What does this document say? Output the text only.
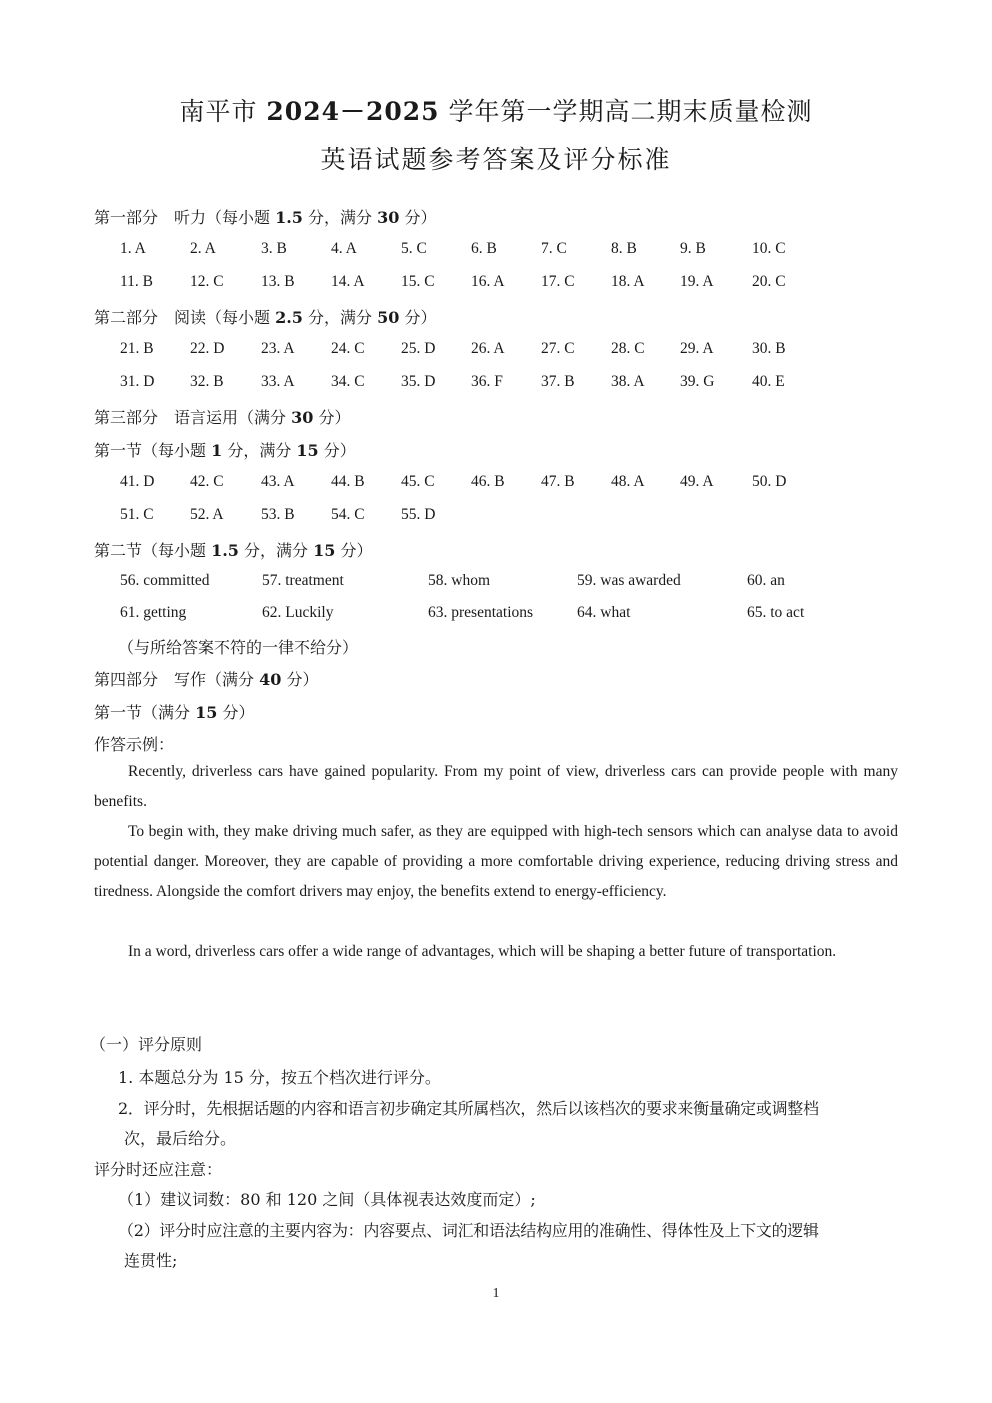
南平市 2024－2025 学年第一学期高二期末质量检测
英语试题参考答案及评分标准
第一部分　听力（每小题 1.5 分，满分 30 分）
1. A	2. A	3. B	4. A	5. C	6. B	7. C	8. B	9. B	10. C
11. B 12. C 13. B 14. A 15. C 16. A 17. C 18. A 19. A 20. C
第二部分　阅读（每小题 2.5 分，满分 50 分）
21. B 22. D 23. A 24. C 25. D 26. A 27. C 28. C 29. A 30. B
31. D 32. B 33. A 34. C 35. D 36. F 37. B 38. A 39. G 40. E
第三部分　语言运用（满分 30 分）
第一节（每小题 1 分，满分 15 分）
41. D 42. C 43. A 44. B 45. C 46. B 47. B 48. A 49. A 50. D
51. C 52. A 53. B 54. C 55. D
第二节（每小题 1.5 分，满分 15 分）
56. committed	57. treatment	58. whom	59. was awarded	60. an
61. getting	62. Luckily	63. presentations	64. what	65. to act
（与所给答案不符的一律不给分）
第四部分　写作（满分 40 分）
第一节（满分 15 分）
作答示例：
Recently, driverless cars have gained popularity. From my point of view, driverless cars can provide people with many benefits.
To begin with, they make driving much safer, as they are equipped with high-tech sensors which can analyse data to avoid potential danger. Moreover, they are capable of providing a more comfortable driving experience, reducing driving stress and tiredness. Alongside the comfort drivers may enjoy, the benefits extend to energy-efficiency.
In a word, driverless cars offer a wide range of advantages, which will be shaping a better future of transportation.
（一）评分原则
1. 本题总分为 15 分，按五个档次进行评分。
2．评分时，先根据话题的内容和语言初步确定其所属档次，然后以该档次的要求来衡量确定或调整档
次，最后给分。
评分时还应注意：
（1）建议词数：80 和 120 之间（具体视表达效度而定）;
（2）评分时应注意的主要内容为：内容要点、词汇和语法结构应用的准确性、得体性及上下文的逻辑
连贯性;
1
